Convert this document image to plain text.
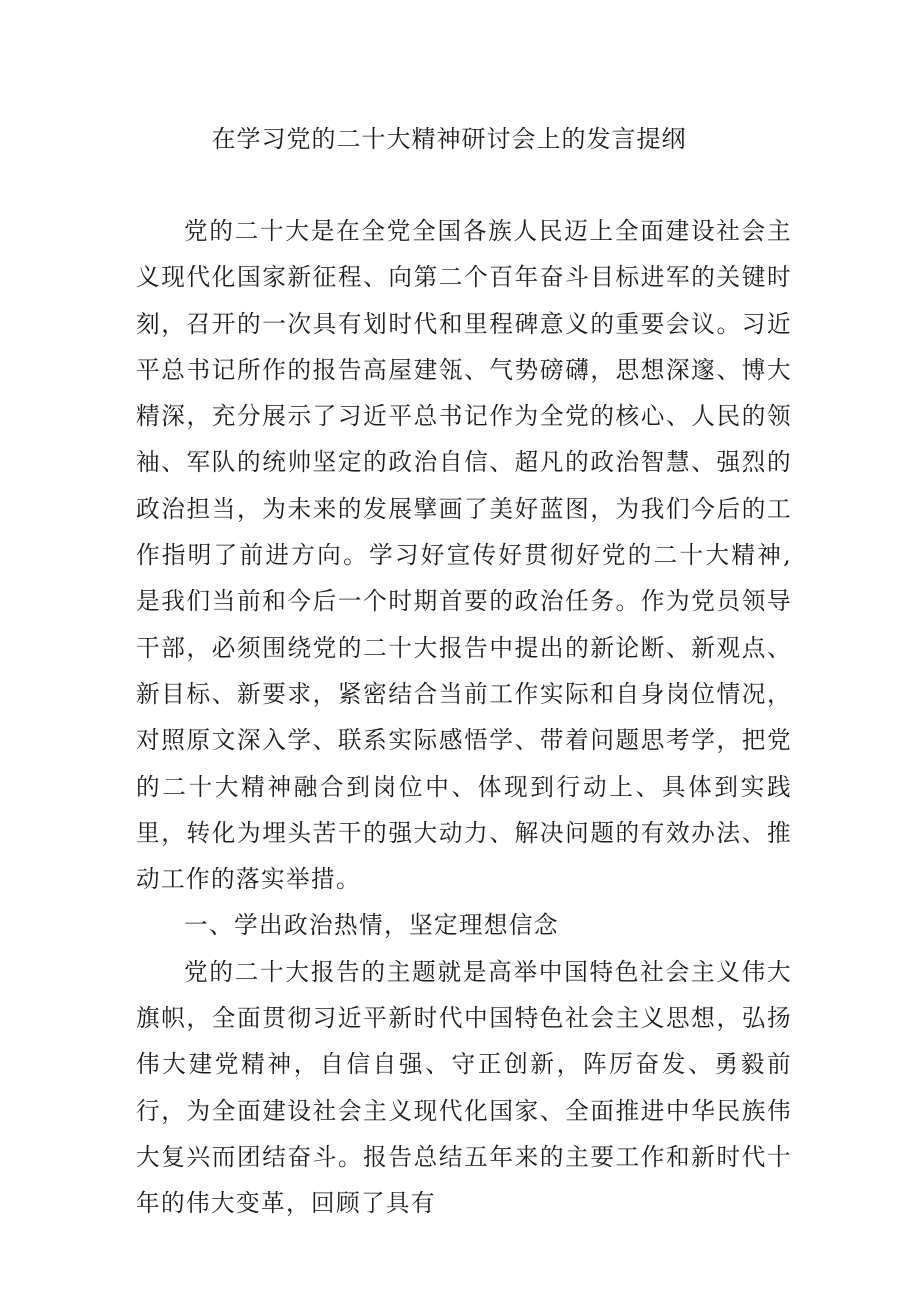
在学习党的二十大精神研讨会上的发言提纲

党的二十大是在全党全国各族人民迈上全面建设社会主义现代化国家新征程、向第二个百年奋斗目标进军的关键时刻，召开的一次具有划时代和里程碑意义的重要会议。习近平总书记所作的报告高屋建瓴、气势磅礴，思想深邃、博大精深，充分展示了习近平总书记作为全党的核心、人民的领袖、军队的统帅坚定的政治自信、超凡的政治智慧、强烈的政治担当，为未来的发展擘画了美好蓝图，为我们今后的工作指明了前进方向。学习好宣传好贯彻好党的二十大精神,是我们当前和今后一个时期首要的政治任务。作为党员领导干部，必须围绕党的二十大报告中提出的新论断、新观点、新目标、新要求，紧密结合当前工作实际和自身岗位情况，对照原文深入学、联系实际感悟学、带着问题思考学，把党的二十大精神融合到岗位中、体现到行动上、具体到实践里，转化为埋头苦干的强大动力、解决问题的有效办法、推动工作的落实举措。

一、学出政治热情，坚定理想信念

党的二十大报告的主题就是高举中国特色社会主义伟大旗帜，全面贯彻习近平新时代中国特色社会主义思想，弘扬伟大建党精神，自信自强、守正创新，阵厉奋发、勇毅前行，为全面建设社会主义现代化国家、全面推进中华民族伟大复兴而团结奋斗。报告总结五年来的主要工作和新时代十年的伟大变革，回顾了具有
